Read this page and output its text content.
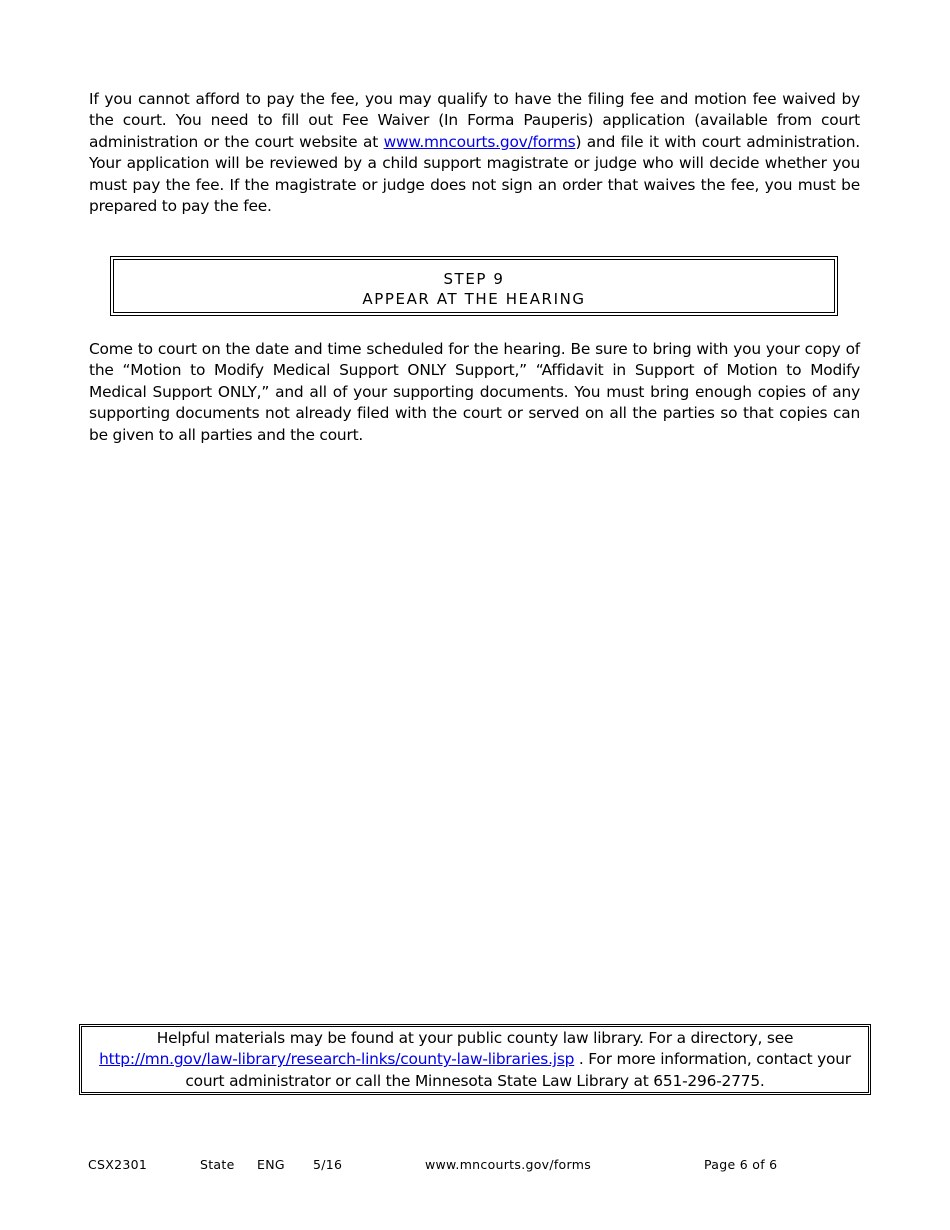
If you cannot afford to pay the fee, you may qualify to have the filing fee and motion fee waived by the court. You need to fill out Fee Waiver (In Forma Pauperis) application (available from court administration or the court website at www.mncourts.gov/forms) and file it with court administration. Your application will be reviewed by a child support magistrate or judge who will decide whether you must pay the fee. If the magistrate or judge does not sign an order that waives the fee, you must be prepared to pay the fee.
STEP 9
APPEAR AT THE HEARING
Come to court on the date and time scheduled for the hearing. Be sure to bring with you your copy of the “Motion to Modify Medical Support ONLY Support,” “Affidavit in Support of Motion to Modify Medical Support ONLY,” and all of your supporting documents. You must bring enough copies of any supporting documents not already filed with the court or served on all the parties so that copies can be given to all parties and the court.
Helpful materials may be found at your public county law library. For a directory, see
http://mn.gov/law-library/research-links/county-law-libraries.jsp . For more information, contact your
court administrator or call the Minnesota State Law Library at 651-296-2775.
CSX2301	State ENG 5/16	www.mncourts.gov/forms	Page 6 of 6
